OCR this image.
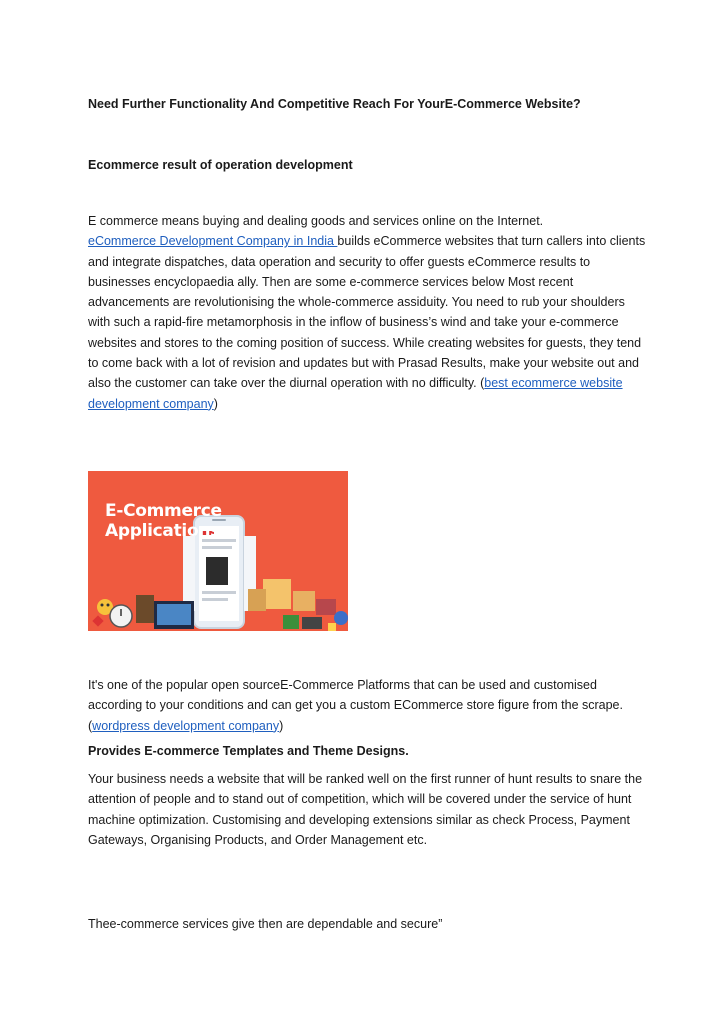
Need Further Functionality And Competitive Reach For YourE-Commerce Website?
Ecommerce result of operation development
E commerce means buying and dealing goods and services online on the Internet.
eCommerce Development Company in India builds eCommerce websites that turn callers into clients and integrate dispatches, data operation and security to offer guests eCommerce results to businesses encyclopaedia ally. Then are some e-commerce services below Most recent advancements are revolutionising the whole-commerce assiduity. You need to rub your shoulders with such a rapid-fire metamorphosis in the inflow of business’s wind and take your e-commerce websites and stores to the coming position of success. While creating websites for guests, they tend to come back with a lot of revision and updates but with Prasad Results, make your website out and also the customer can take over the diurnal operation with no difficulty. (best ecommerce website development company)
E-Commerce
Applications
It's one of the popular open sourceE-Commerce Platforms that can be used and customised according to your conditions and can get you a custom ECommerce store figure from the scrape. (wordpress development company)
Provides E-commerce Templates and Theme Designs.
Your business needs a website that will be ranked well on the first runner of hunt results to snare the attention of people and to stand out of competition, which will be covered under the service of hunt machine optimization. Customising and developing extensions similar as check Process, Payment Gateways, Organising Products, and Order Management etc.
Thee-commerce services give then are dependable and secure”
